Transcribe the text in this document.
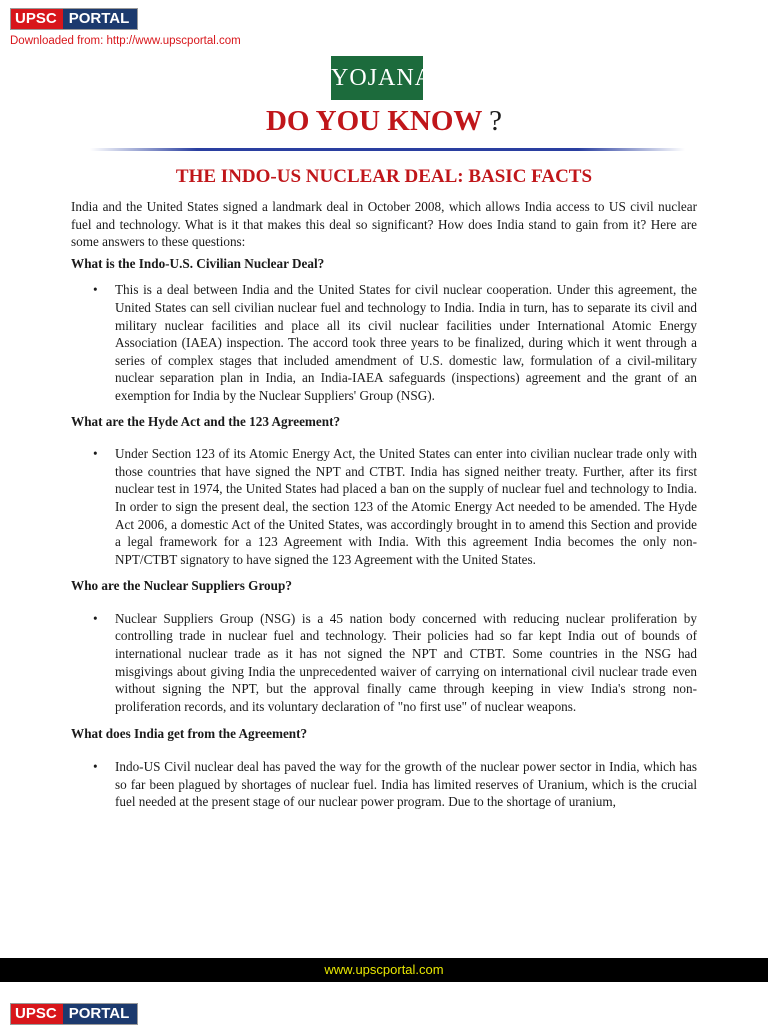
UPSC PORTAL
Downloaded from: http://www.upscportal.com
YOJANA
DO YOU KNOW ?
THE INDO-US NUCLEAR DEAL: BASIC FACTS

India and the United States signed a landmark deal in October 2008, which allows India access to US civil nuclear fuel and technology. What is it that makes this deal so significant? How does India stand to gain from it? Here are some answers to these questions:

What is the Indo-U.S. Civilian Nuclear Deal?

•	This is a deal between India and the United States for civil nuclear cooperation. Under this agreement, the United States can sell civilian nuclear fuel and technology to India. India in turn, has to separate its civil and military nuclear facilities and place all its civil nuclear facilities under International Atomic Energy Association (IAEA) inspection. The accord took three years to be finalized, during which it went through a series of complex stages that included amendment of U.S. domestic law, formulation of a civil-military nuclear separation plan in India, an India-IAEA safeguards (inspections) agreement and the grant of an exemption for India by the Nuclear Suppliers' Group (NSG).

What are the Hyde Act and the 123 Agreement?

•	Under Section 123 of its Atomic Energy Act, the United States can enter into civilian nuclear trade only with those countries that have signed the NPT and CTBT. India has signed neither treaty. Further, after its first nuclear test in 1974, the United States had placed a ban on the supply of nuclear fuel and technology to India. In order to sign the present deal, the section 123 of the Atomic Energy Act needed to be amended. The Hyde Act 2006, a domestic Act of the United States, was accordingly brought in to amend this Section and provide a legal framework for a 123 Agreement with India. With this agreement India becomes the only non-NPT/CTBT signatory to have signed the 123 Agreement with the United States.

Who are the Nuclear Suppliers Group?

•	Nuclear Suppliers Group (NSG) is a 45 nation body concerned with reducing nuclear proliferation by controlling trade in nuclear fuel and technology. Their policies had so far kept India out of bounds of international nuclear trade as it has not signed the NPT and CTBT. Some countries in the NSG had misgivings about giving India the unprecedented waiver of carrying on international civil nuclear trade even without signing the NPT, but the approval finally came through keeping in view India's strong non-proliferation records, and its voluntary declaration of "no first use" of nuclear weapons.

What does India get from the Agreement?

•	Indo-US Civil nuclear deal has paved the way for the growth of the nuclear power sector in India, which has so far been plagued by shortages of nuclear fuel. India has limited reserves of Uranium, which is the crucial fuel needed at the present stage of our nuclear power program. Due to the shortage of uranium,
www.upscportal.com
UPSC PORTAL
